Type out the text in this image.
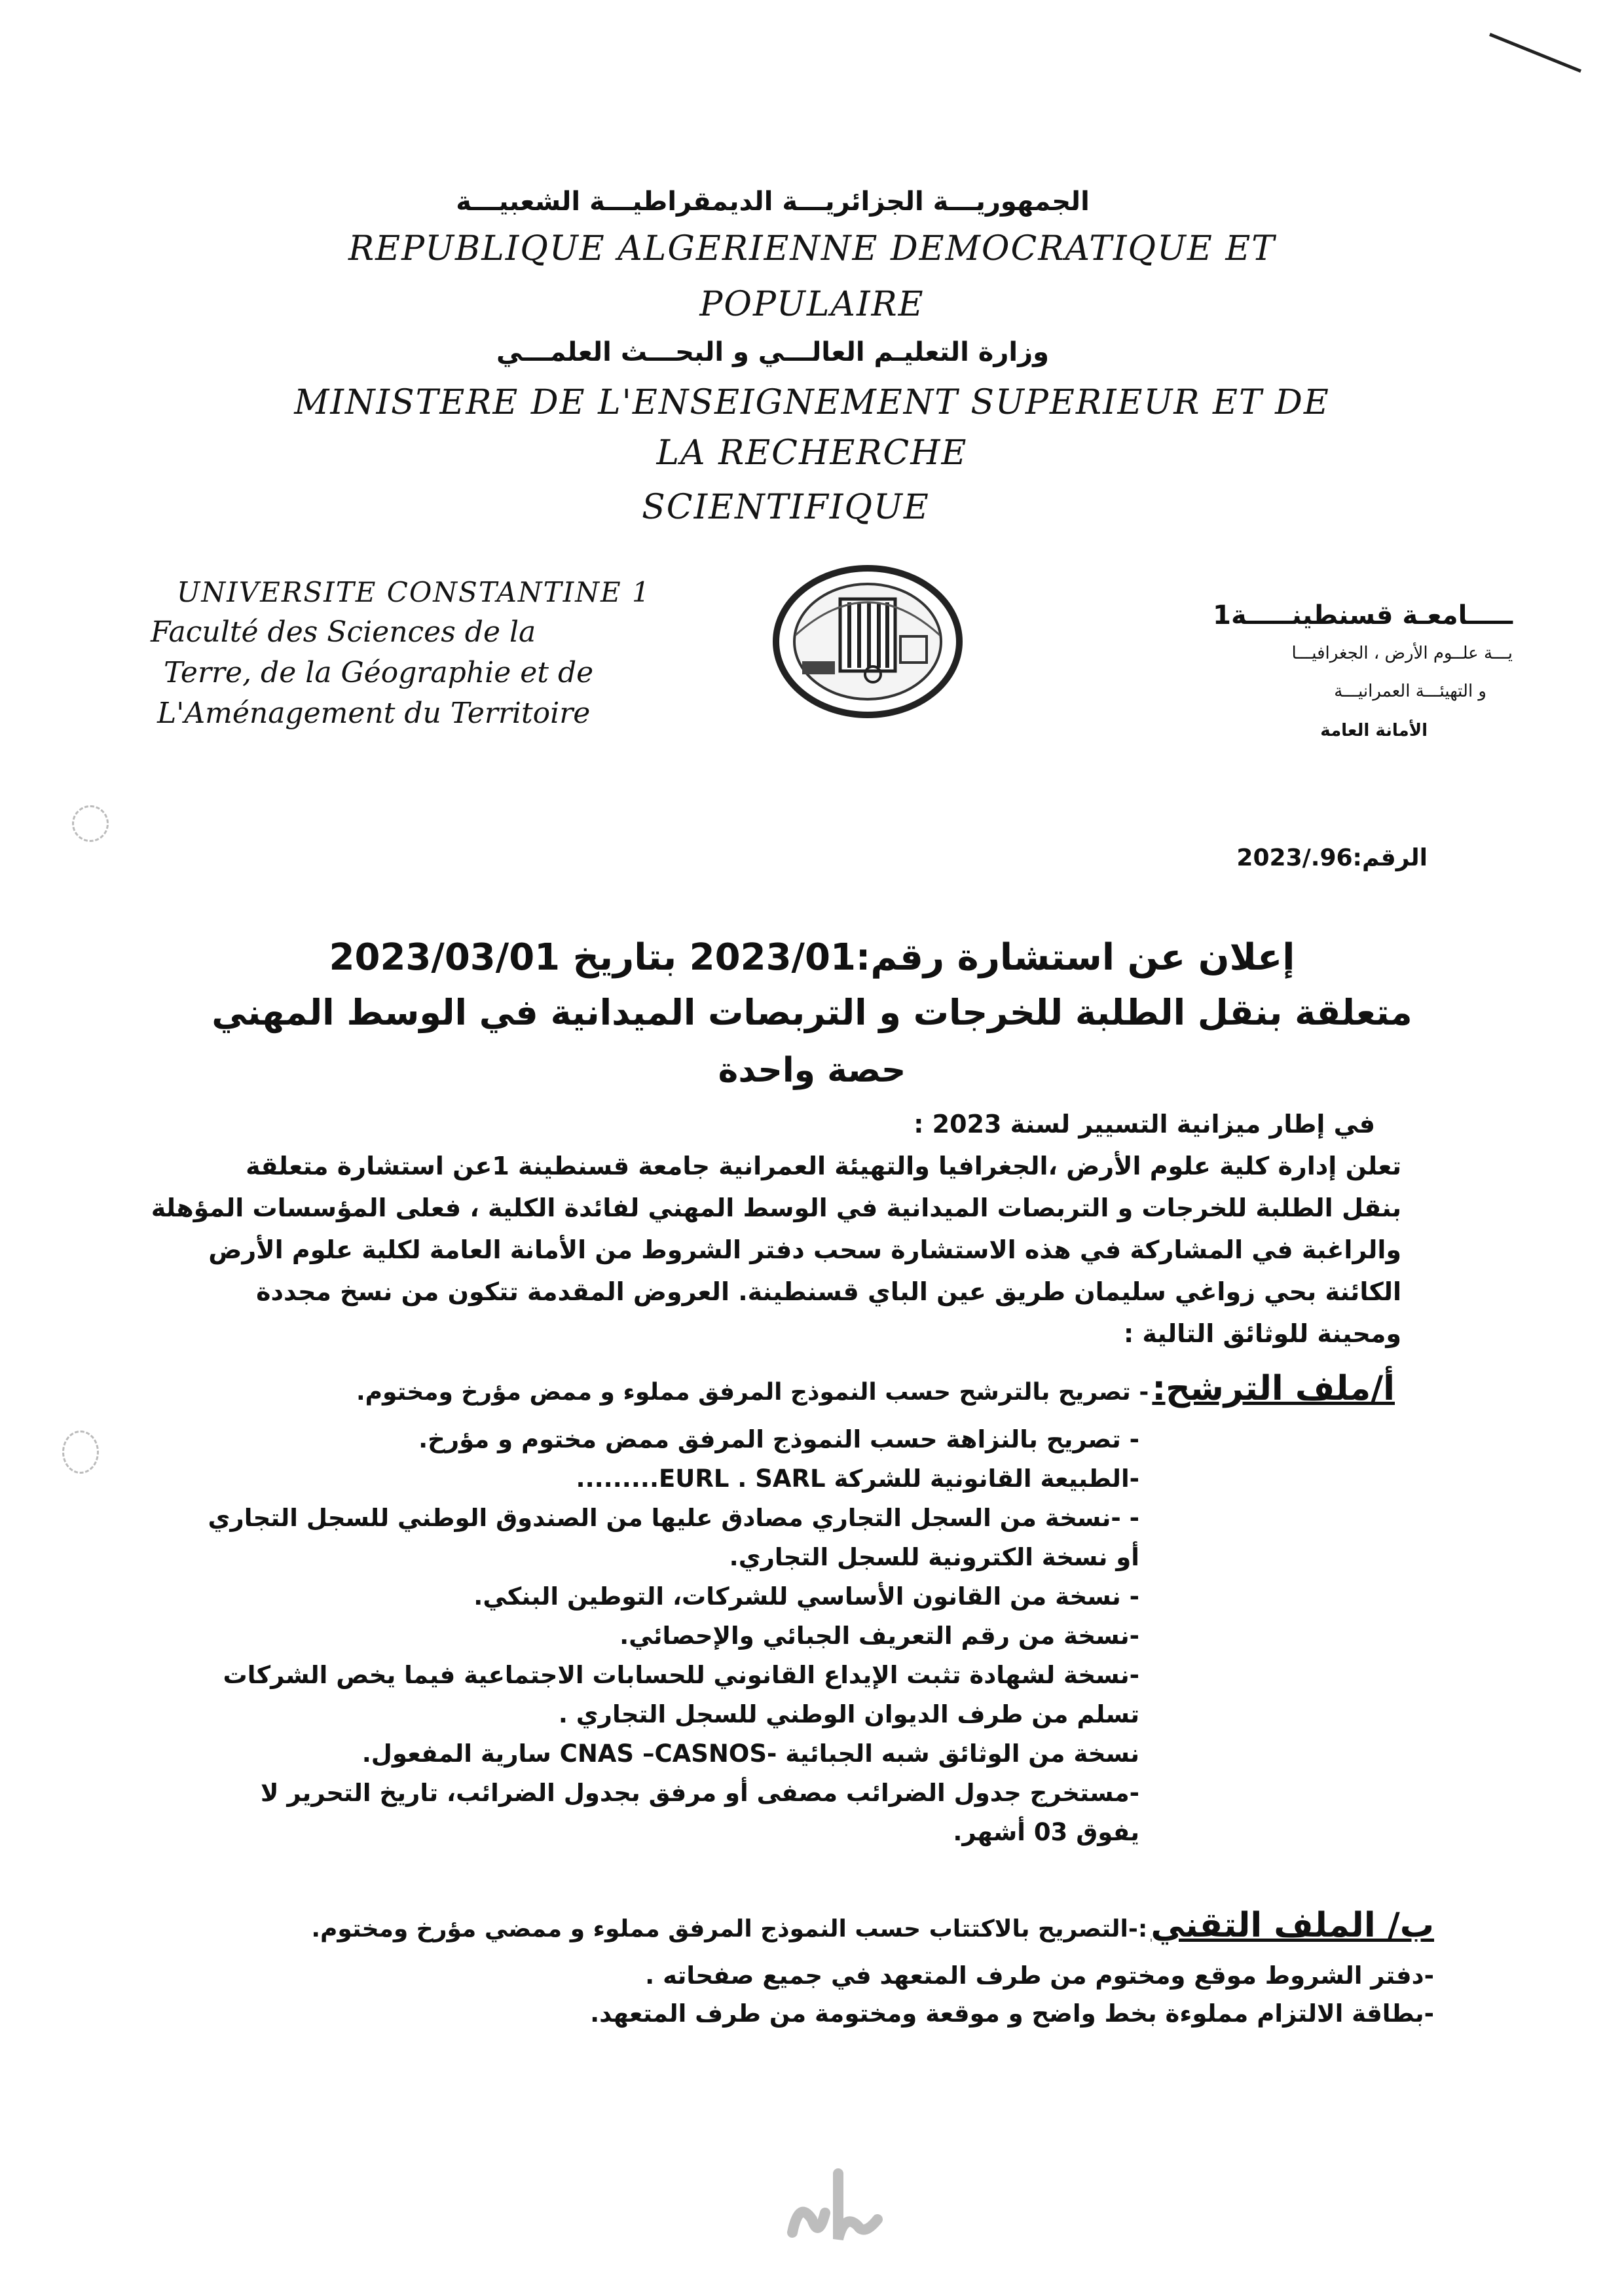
الجمهوريـــة الجزائريـــة الديمقراطيـــة الشعبيـــة
REPUBLIQUE ALGERIENNE DEMOCRATIQUE ET
POPULAIRE
وزارة التعليـم العالـــي و البحـــث العلمـــي
MINISTERE DE L'ENSEIGNEMENT SUPERIEUR ET DE
LA RECHERCHE
SCIENTIFIQUE
UNIVERSITE CONSTANTINE 1
Faculté des Sciences de la
Terre, de la Géographie et de
L'Aménagement du Territoire
ـــــامعـة قسنطينـــــة1
يـــة علــوم الأرض ، الجغرافيـــا
و التهيئـــة العمرانيـــة
الأمانة العامة
الرقم:2023/.96
إعلان عن استشارة رقم:2023/01 بتاريخ 2023/03/01
متعلقة بنقل الطلبة للخرجات و التربصات الميدانية في الوسط المهني
حصة واحدة
في إطار ميزانية التسيير لسنة 2023 :
تعلن إدارة كلية علوم الأرض ،الجغرافيا والتهيئة العمرانية جامعة قسنطينة 1عن استشارة متعلقة
بنقل الطلبة للخرجات و التربصات الميدانية في الوسط المهني لفائدة الكلية ، فعلى المؤسسات المؤهلة
والراغبة في المشاركة في هذه الاستشارة سحب دفتر الشروط من الأمانة العامة لكلية علوم الأرض
الكائنة بحي زواغي سليمان طريق عين الباي قسنطينة. العروض المقدمة تتكون من نسخ مجددة
ومحينة للوثائق التالية :
أ/ملف الترشح: - تصريح بالترشح حسب النموذج المرفق مملوء و ممض مؤرخ ومختوم.
- تصريح بالنزاهة حسب النموذج المرفق ممض مختوم و مؤرخ.
-الطبيعة القانونية للشركة EURL . SARL.........
- -نسخة من السجل التجاري مصادق عليها من الصندوق الوطني للسجل التجاري
أو نسخة الكترونية للسجل التجاري.
- نسخة من القانون الأساسي للشركات، التوطين البنكي.
-نسخة من رقم التعريف الجبائي والإحصائي.
-نسخة لشهادة تثبت الإيداع القانوني للحسابات الاجتماعية فيما يخص الشركات
تسلم من طرف الديوان الوطني للسجل التجاري .
نسخة من الوثائق شبه الجبائية -CNAS –CASNOS سارية المفعول.
-مستخرج جدول الضرائب مصفى أو مرفق بجدول الضرائب، تاريخ التحرير لا
يفوق 03 أشهر.
ب/ الملف التقني :-التصريح بالاكتتاب حسب النموذج المرفق مملوء و ممضي مؤرخ ومختوم.
-دفتر الشروط موقع ومختوم من طرف المتعهد في جميع صفحاته .
-بطاقة الالتزام مملوءة بخط واضح و موقعة ومختومة من طرف المتعهد.
